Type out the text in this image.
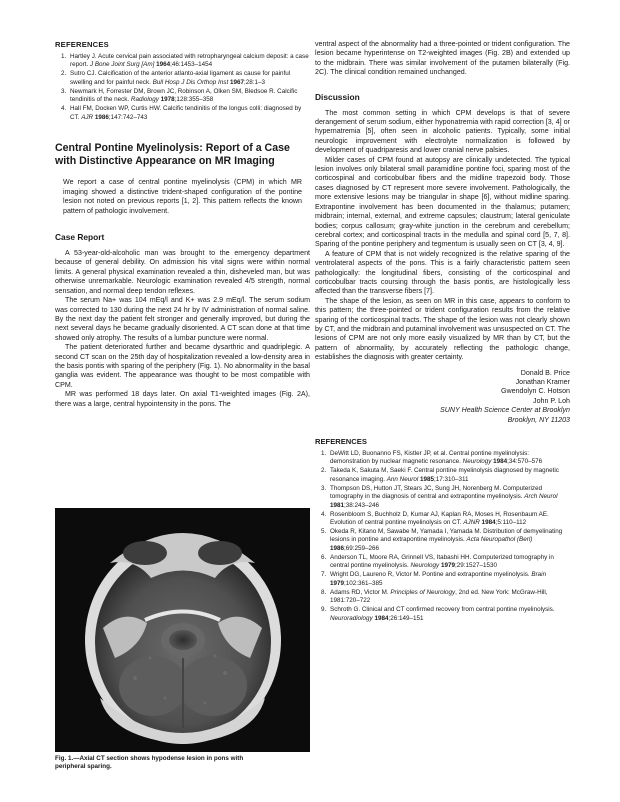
REFERENCES
1. Hartley J. Acute cervical pain associated with retropharyngeal calcium deposit: a case report. J Bone Joint Surg [Am] 1964;46:1453–1454
2. Sutro CJ. Calcification of the anterior atlanto-axial ligament as cause for painful swelling and for painful neck. Bull Hosp J Dis Orthop Inst 1967;28:1–3
3. Newmark H, Forrester DM, Brown JC, Robinson A, Olken SM, Bledsoe R. Calcific tendinitis of the neck. Radiology 1978;128:355–358
4. Hall FM, Docken WP, Curtis HW. Calcific tendinitis of the longus colli: diagnosed by CT. AJR 1986;147:742–743
Central Pontine Myelinolysis: Report of a Case with Distinctive Appearance on MR Imaging

We report a case of central pontine myelinolysis (CPM) in which MR imaging showed a distinctive trident-shaped configuration of the pontine lesion not noted on previous reports [1, 2]. This pattern reflects the known pattern of pathologic involvement.

Case Report

A 53-year-old-alcoholic man was brought to the emergency department because of general debility. On admission his vital signs were within normal limits. A general physical examination revealed a thin, disheveled man, but was otherwise unremarkable. Neurologic examination revealed 4/5 strength, normal sensation, and normal deep tendon reflexes.

The serum Na+ was 104 mEq/l and K+ was 2.9 mEq/l. The serum sodium was corrected to 130 during the next 24 hr by IV administration of normal saline. By the next day the patient felt stronger and generally improved, but during the next several days he became gradually disoriented. A CT scan done at that time showed only atrophy. The results of a lumbar puncture were normal.

The patient deteriorated further and became dysarthric and quadriplegic. A second CT scan on the 25th day of hospitalization revealed a low-density area in the basis pontis with sparing of the periphery (Fig. 1). No abnormality in the basal ganglia was evident. The appearance was thought to be most compatible with CPM.

MR was performed 18 days later. On axial T1-weighted images (Fig. 2A), there was a large, central hypointensity in the pons. The

Fig. 1.—Axial CT section shows hypodense lesion in pons with peripheral sparing.

ventral aspect of the abnormality had a three-pointed or trident configuration. The lesion became hyperintense on T2-weighted images (Fig. 2B) and extended up to the midbrain. There was similar involvement of the putamen bilaterally (Fig. 2C). The clinical condition remained unchanged.

Discussion

The most common setting in which CPM develops is that of severe derangement of serum sodium, either hyponatremia with rapid correction [3, 4] or hypernatremia [5], often seen in alcoholic patients. Typically, some initial neurologic improvement with electrolyte normalization is followed by development of quadriparesis and lower cranial nerve palsies.

Milder cases of CPM found at autopsy are clinically undetected. The typical lesion involves only bilateral small paramidline pontine foci, sparing most of the corticospinal and corticobulbar fibers and the midline trapezoid body. Those cases diagnosed by CT represent more severe involvement. Pathologically, the more extensive lesions may be triangular in shape [6], without midline sparing. Extrapontine involvement has been documented in the thalamus; putamen; midbrain; internal, external, and extreme capsules; claustrum; lateral geniculate bodies; corpus callosum; gray-white junction in the cerebrum and cerebellum; cerebral cortex; and corticospinal tracts in the medulla and spinal cord [5, 7, 8]. Sparing of the pontine periphery and tegmentum is usually seen on CT [3, 4, 9].

A feature of CPM that is not widely recognized is the relative sparing of the ventrolateral aspects of the pons. This is a fairly characteristic pattern seen pathologically: the longitudinal fibers, consisting of the corticospinal and corticobulbar tracts coursing through the basis pontis, are histologically less affected than the transverse fibers [7].

The shape of the lesion, as seen on MR in this case, appears to conform to this pattern; the three-pointed or trident configuration results from the relative sparing of the corticospinal tracts. The shape of the lesion was not clearly shown by CT, and the midbrain and putaminal involvement was unsuspected on CT. The lesions of CPM are not only more easily visualized by MR than by CT, but the pattern of abnormality, by accurately reflecting the pathologic change, establishes the diagnosis with greater certainty.

Donald B. Price
Jonathan Kramer
Gwendolyn C. Hotson
John P. Loh
SUNY Health Science Center at Brooklyn
Brooklyn, NY 11203
REFERENCES
1. DeWitt LD, Buonanno FS, Kistler JP, et al. Central pontine myelinolysis: demonstration by nuclear magnetic resonance. Neurology 1984;34:570–576
2. Takeda K, Sakuta M, Saeki F. Central pontine myelinolysis diagnosed by magnetic resonance imaging. Ann Neurol 1985;17:310–311
3. Thompson DS, Hutton JT, Stears JC, Sung JH, Norenberg M. Computerized tomography in the diagnosis of central and extrapontine myelinolysis. Arch Neurol 1981;38:243–246
4. Rosenbloom S, Buchholz D, Kumar AJ, Kaplan RA, Moses H, Rosenbaum AE. Evolution of central pontine myelinolysis on CT. AJNR 1984;5:110–112
5. Okeda R, Kitano M, Sawabe M, Yamada I, Yamada M. Distribution of demyelinating lesions in pontine and extrapontine myelinolysis. Acta Neuropathol (Berl) 1986;69:259–266
6. Anderson TL, Moore RA, Grinnell VS, Itabashi HH. Computerized tomography in central pontine myelinolysis. Neurology 1979;29:1527–1530
7. Wright DG, Laureno R, Victor M. Pontine and extrapontine myelinolysis. Brain 1979;102:361–385
8. Adams RD, Victor M. Principles of Neurology, 2nd ed. New York: McGraw-Hill, 1981:720–722
9. Schroth G. Clinical and CT confirmed recovery from central pontine myelinolysis. Neuroradiology 1984;26:149–151
